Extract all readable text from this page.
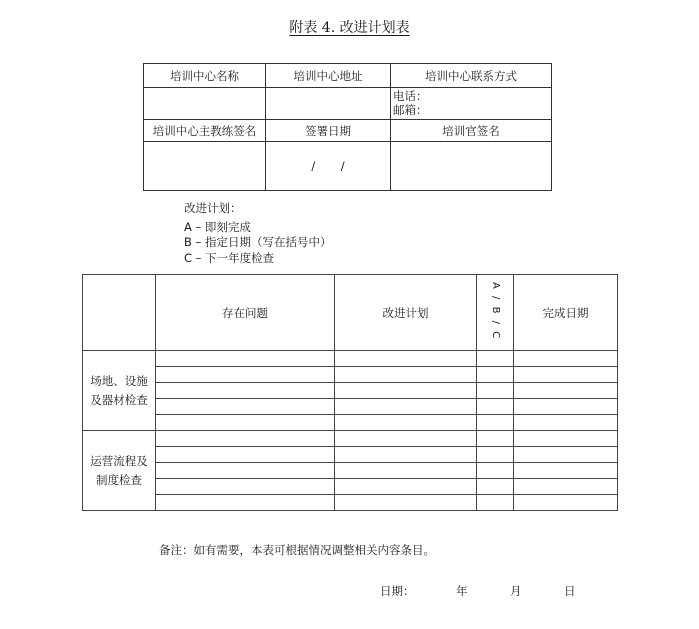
附表 4. 改进计划表
培训中心名称	培训中心地址	培训中心联系方式

		电话：
邮箱：

培训中心主教练签名	签署日期	培训官签名
	/       /	
改进计划：
A – 即刻完成
B – 指定日期（写在括号中）
C – 下一年度检查
	存在问题	改进计划	A / B / C	完成日期

场地、设施
及器材检查				

运营流程及
制度检查				

备注：如有需要，本表可根据情况调整相关内容条目。
日期：	年	月	日
